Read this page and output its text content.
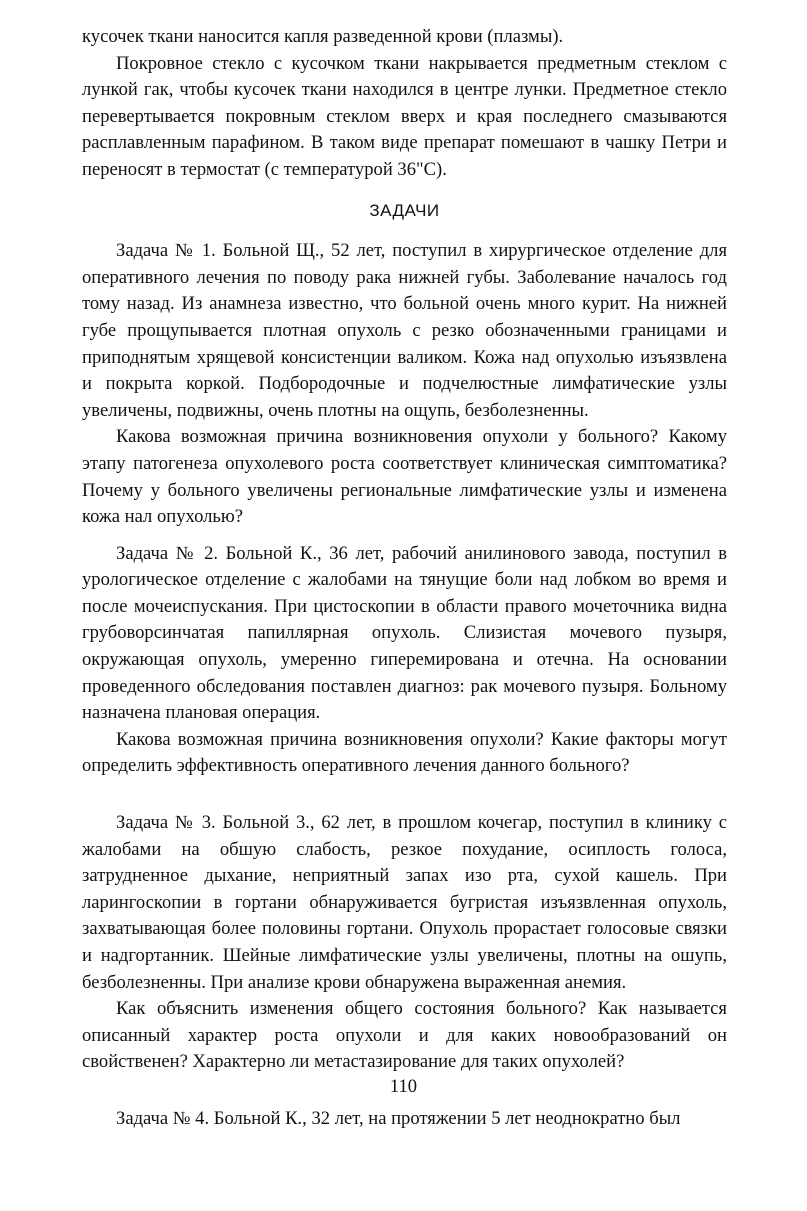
кусочек ткани наносится капля разведенной крови (плазмы).

Покровное стекло с кусочком ткани накрывается предметным стеклом с лункой гак, чтобы кусочек ткани находился в центре лунки. Предметное стекло перевертывается покровным стеклом вверх и края последнего смазываются расплавленным парафином. В таком виде препарат помешают в чашку Петри и переносят в термостат (с температурой 36"С).

ЗАДАЧИ

Задача № 1. Больной Щ., 52 лет, поступил в хирургическое отделение для оперативного лечения по поводу рака нижней губы. Заболевание началось год тому назад. Из анамнеза известно, что больной очень много курит. На нижней губе прощупывается плотная опухоль с резко обозначенными границами и приподнятым хрящевой консистенции валиком. Кожа над опухолью изъязвлена и покрыта коркой. Подбородочные и подчелюстные лимфатические узлы увеличены, подвижны, очень плотны на ощупь, безболезненны.

Какова возможная причина возникновения опухоли у больного? Какому этапу патогенеза опухолевого роста соответствует клиническая симптоматика? Почему у больного увеличены региональные лимфатические узлы и изменена кожа нал опухолью?

Задача № 2. Больной К., 36 лет, рабочий анилинового завода, поступил в урологическое отделение с жалобами на тянущие боли над лобком во время и после мочеиспускания. При цистоскопии в области правого мочеточника видна грубоворсинчатая папиллярная опухоль. Слизистая мочевого пузыря, окружающая опухоль, умеренно гиперемирована и отечна. На основании проведенного обследования поставлен диагноз: рак мочевого пузыря. Больному назначена плановая операция.

Какова возможная причина возникновения опухоли? Какие факторы могут определить эффективность оперативного лечения данного больного?

Задача № 3. Больной 3., 62 лет, в прошлом кочегар, поступил в клинику с жалобами на обшую слабость, резкое похудание, осиплость голоса, затрудненное дыхание, неприятный запах изо рта, сухой кашель. При ларингоскопии в гортани обнаруживается бугристая изъязвленная опухоль, захватывающая более половины гортани. Опухоль прорастает голосовые связки и надгортанник. Шейные лимфатические узлы увеличены, плотны на ошупь, безболезненны. При анализе крови обнаружена выраженная анемия.

Как объяснить изменения общего состояния больного? Как называется описанный характер роста опухоли и для каких новообразований он свойственен? Характерно ли метастазирование для таких опухолей?

Задача № 4. Больной К., 32 лет, на протяжении 5 лет неоднократно был

110
